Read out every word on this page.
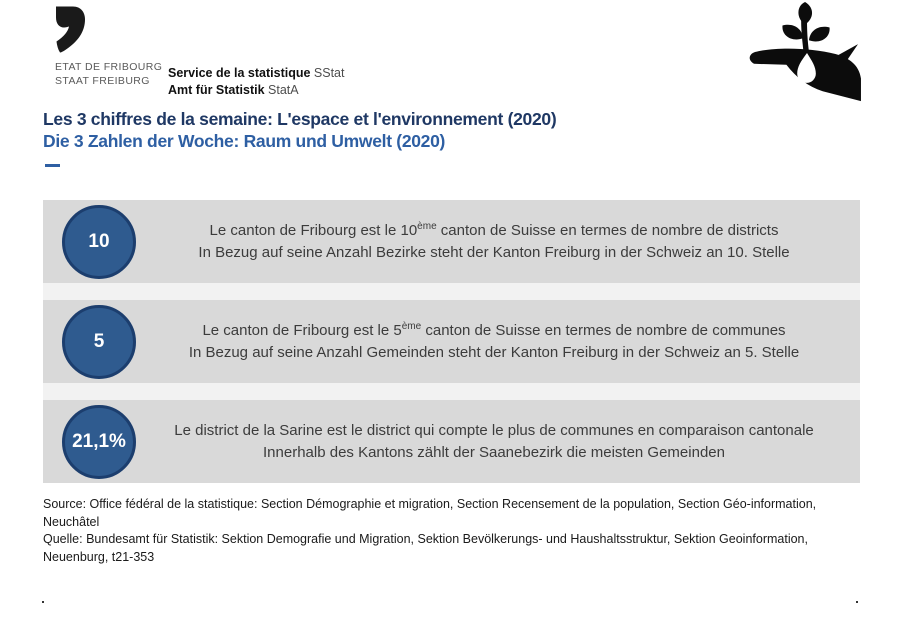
ETAT DE FRIBOURG
STAAT FREIBURG
Service de la statistique SStat
Amt für Statistik StatA
Les 3 chiffres de la semaine: L'espace et l'environnement (2020)
Die 3 Zahlen der Woche: Raum und Umwelt (2020)
10
Le canton de Fribourg est le 10ème canton de Suisse en termes de nombre de districts
In Bezug auf seine Anzahl Bezirke steht der Kanton Freiburg in der Schweiz an 10. Stelle
5
Le canton de Fribourg est le 5ème canton de Suisse en termes de nombre de communes
In Bezug auf seine Anzahl Gemeinden steht der Kanton Freiburg in der Schweiz an 5. Stelle
21,1%
Le district de la Sarine est le district qui compte le plus de communes en comparaison cantonale
Innerhalb des Kantons zählt der Saanebezirk die meisten Gemeinden
Source: Office fédéral de la statistique: Section Démographie et migration, Section Recensement de la population, Section Géo-information,
Neuchâtel
Quelle: Bundesamt für Statistik: Sektion Demografie und Migration, Sektion Bevölkerungs- und Haushaltsstruktur, Sektion Geoinformation,
Neuenburg, t21-353
